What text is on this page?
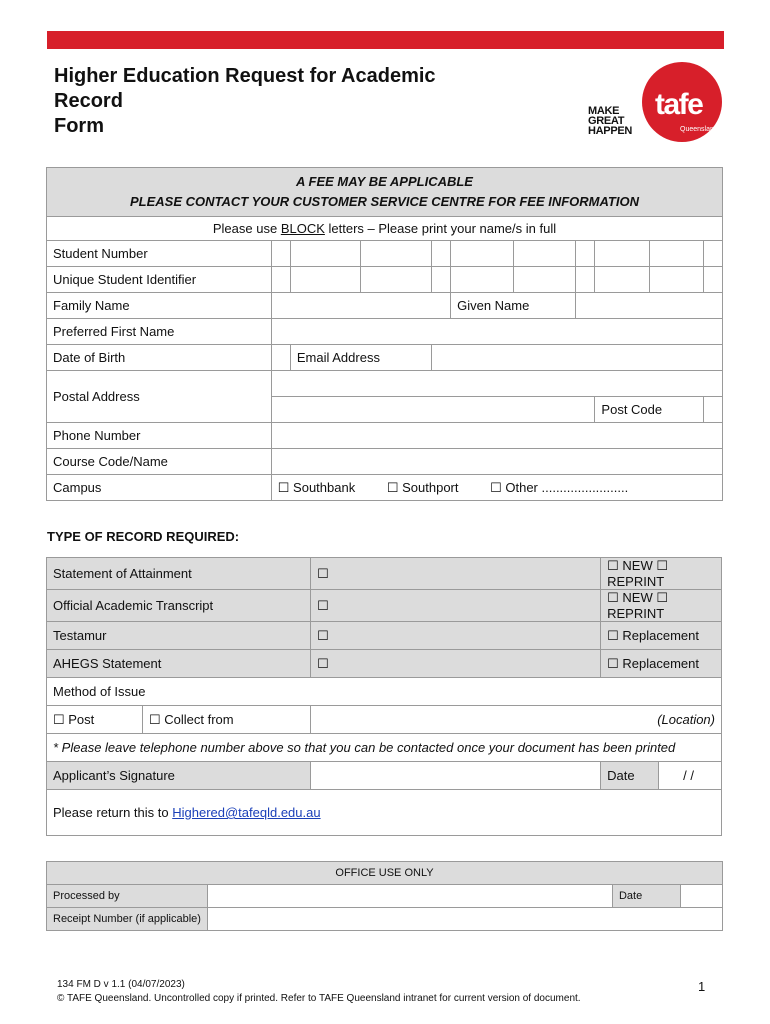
Higher Education Request for Academic
Record
Form
MAKE
GREAT
HAPPEN
tafe
Queensland
A FEE MAY BE APPLICABLE
PLEASE CONTACT YOUR CUSTOMER SERVICE CENTRE FOR FEE INFORMATION										

Please use BLOCK letters – Please print your name/s in full										
Student Number										
Unique Student Identifier										
Family Name					Given Name					
Preferred First Name										
Date of Birth		Email Address								
Postal Address										
								Post Code		
Phone Number										
Course Code/Name										
Campus	☐ Southbank ☐ Southport ☐ Other ........................									
TYPE OF RECORD REQUIRED:
Statement of Attainment		☐	☐ NEW ☐ REPRINT	
Official Academic Transcript		☐	☐ NEW ☐ REPRINT	
Testamur		☐	☐ Replacement	
AHEGS Statement		☐	☐ Replacement	
Method of Issue				
☐ Post	☐ Collect from	(Location)		
* Please leave telephone number above so that you can be contacted once your document has been printed				
Applicant’s Signature			Date	/ /
Please return this to Highered@tafeqld.edu.au				
OFFICE USE ONLY			
Processed by		Date	
Receipt Number (if applicable)			
134 FM D v 1.1 (04/07/2023)
© TAFE Queensland. Uncontrolled copy if printed. Refer to TAFE Queensland intranet for current version of document.
1
